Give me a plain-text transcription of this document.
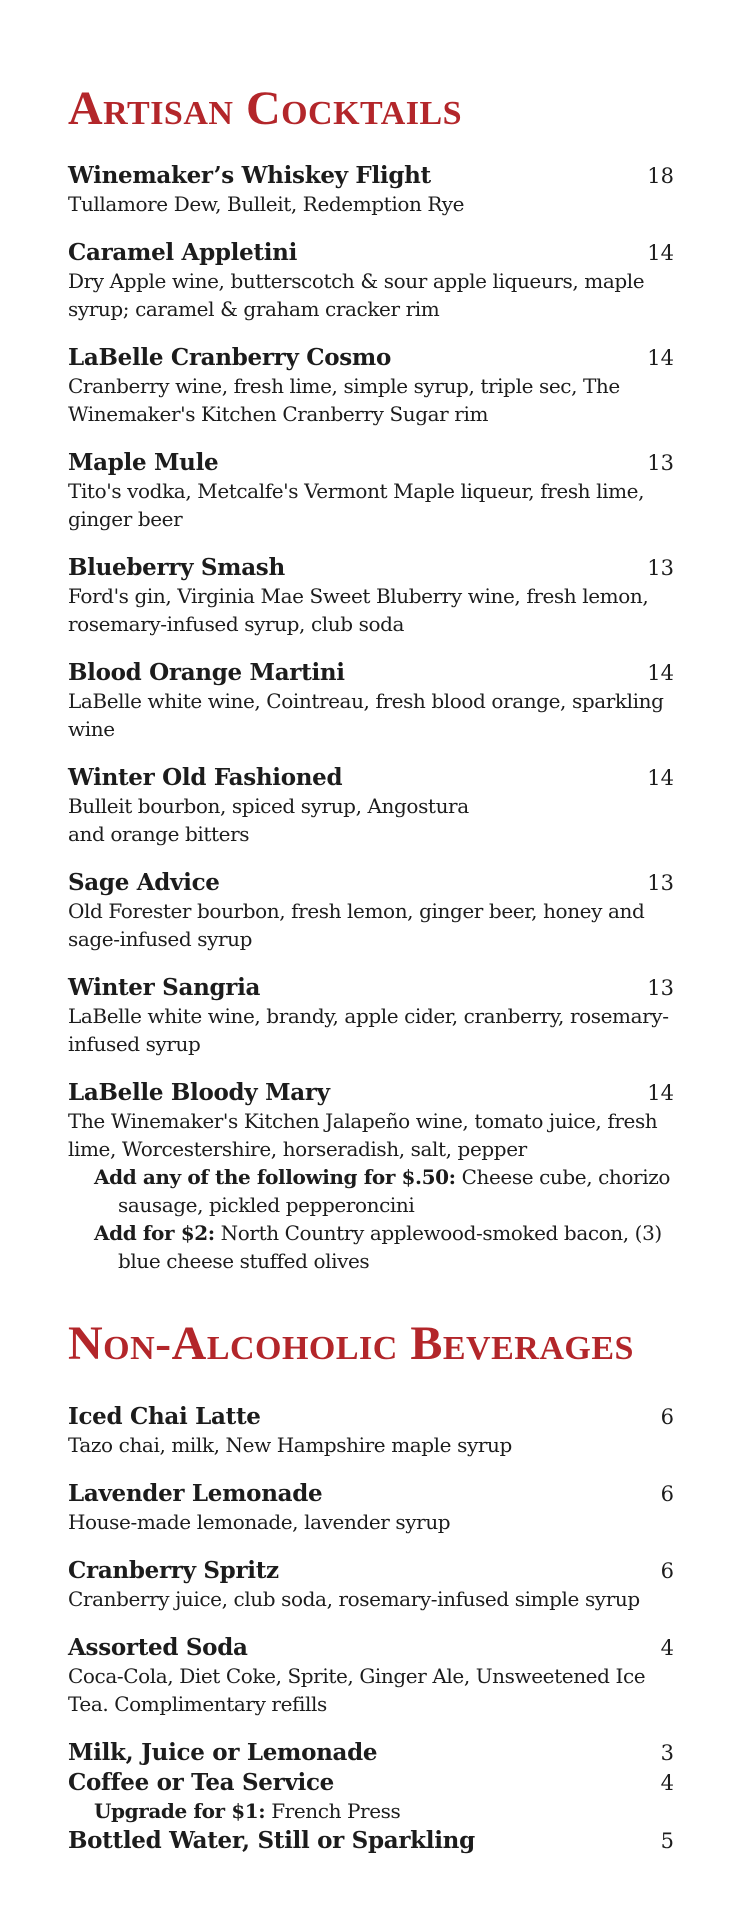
Artisan Cocktails
Winemaker’s Whiskey Flight	18
Tullamore Dew, Bulleit, Redemption Rye
Caramel Appletini	14
Dry Apple wine, butterscotch & sour apple liqueurs, maple syrup; caramel & graham cracker rim
LaBelle Cranberry Cosmo	14
Cranberry wine, fresh lime, simple syrup, triple sec, The Winemaker's Kitchen Cranberry Sugar rim
Maple Mule	13
Tito's vodka, Metcalfe's Vermont Maple liqueur, fresh lime, ginger beer
Blueberry Smash	13
Ford's gin, Virginia Mae Sweet Bluberry wine, fresh lemon, rosemary-infused syrup, club soda
Blood Orange Martini	14
LaBelle white wine, Cointreau, fresh blood orange, sparkling wine
Winter Old Fashioned	14
Bulleit bourbon, spiced syrup, Angostura
and orange bitters
Sage Advice	13
Old Forester bourbon, fresh lemon, ginger beer, honey and sage-infused syrup
Winter Sangria	13
LaBelle white wine, brandy, apple cider, cranberry, rosemary-infused syrup
LaBelle Bloody Mary	14
The Winemaker's Kitchen Jalapeño wine, tomato juice, fresh lime, Worcestershire, horseradish, salt, pepper
Add any of the following for $.50: Cheese cube, chorizo sausage, pickled pepperoncini
Add for $2: North Country applewood-smoked bacon, (3) blue cheese stuffed olives
Non-Alcoholic Beverages
Iced Chai Latte	6
Tazo chai, milk, New Hampshire maple syrup
Lavender Lemonade	6
House-made lemonade, lavender syrup
Cranberry Spritz	6
Cranberry juice, club soda, rosemary-infused simple syrup
Assorted Soda	4
Coca-Cola, Diet Coke, Sprite, Ginger Ale, Unsweetened Ice Tea. Complimentary refills
Milk, Juice or Lemonade	3
Coffee or Tea Service	4
Upgrade for $1: French Press
Bottled Water, Still or Sparkling	5
